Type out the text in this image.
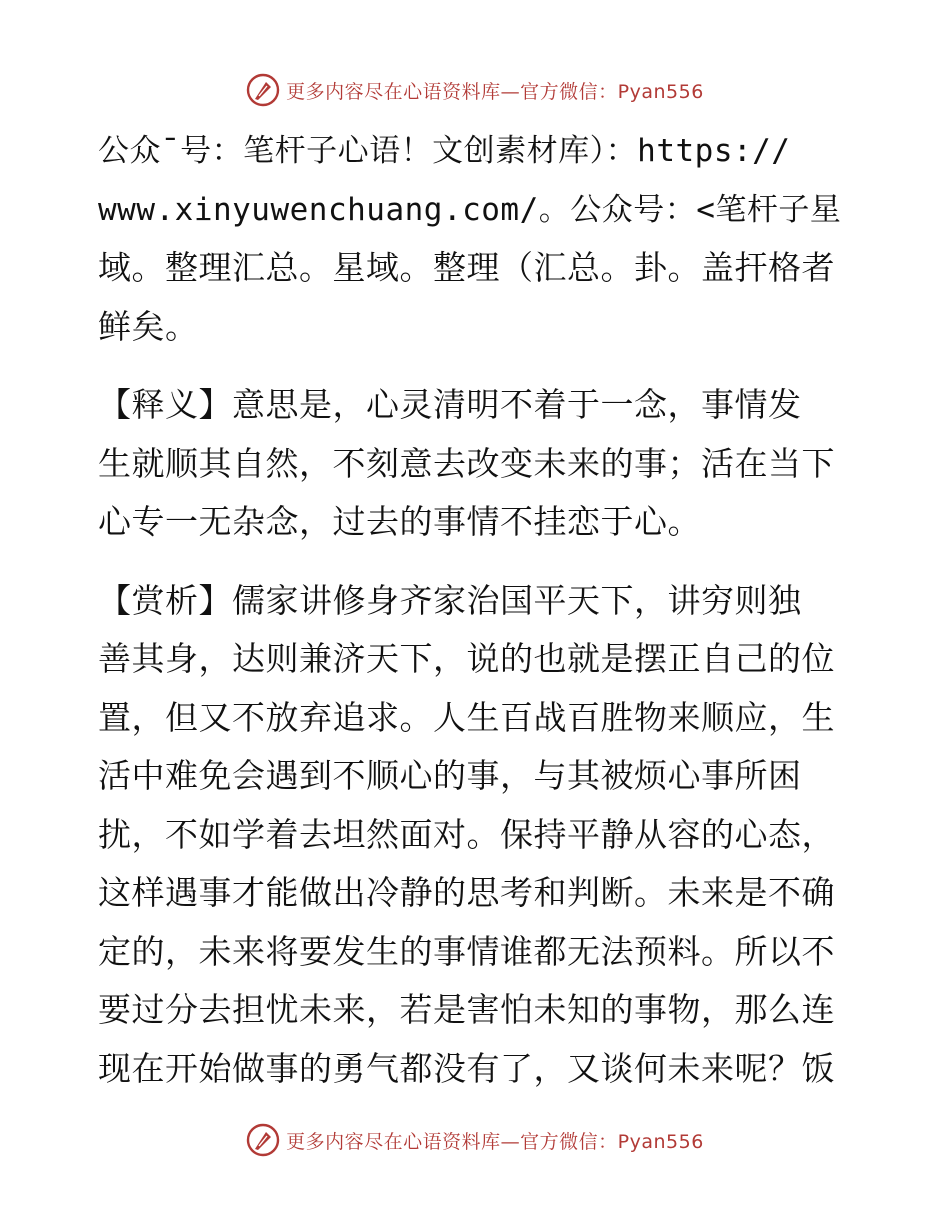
更多内容尽在心语资料库—官方微信：Pyan556
公众¯号：笔杆子心语！文创素材库）：https://
www.xinyuwenchuang.com/。公众号：<笔杆子星
域。整理汇总。星域。整理（汇总。卦。盖扞格者
鲜矣。
【释义】意思是，心灵清明不着于一念，事情发
生就顺其自然，不刻意去改变未来的事；活在当下
心专一无杂念，过去的事情不挂恋于心。
【赏析】儒家讲修身齐家治国平天下，讲穷则独
善其身，达则兼济天下，说的也就是摆正自己的位
置，但又不放弃追求。人生百战百胜物来顺应，生
活中难免会遇到不顺心的事，与其被烦心事所困
扰，不如学着去坦然面对。保持平静从容的心态，
这样遇事才能做出冷静的思考和判断。未来是不确
定的，未来将要发生的事情谁都无法预料。所以不
要过分去担忧未来，若是害怕未知的事物，那么连
现在开始做事的勇气都没有了，又谈何未来呢？饭
更多内容尽在心语资料库—官方微信：Pyan556
